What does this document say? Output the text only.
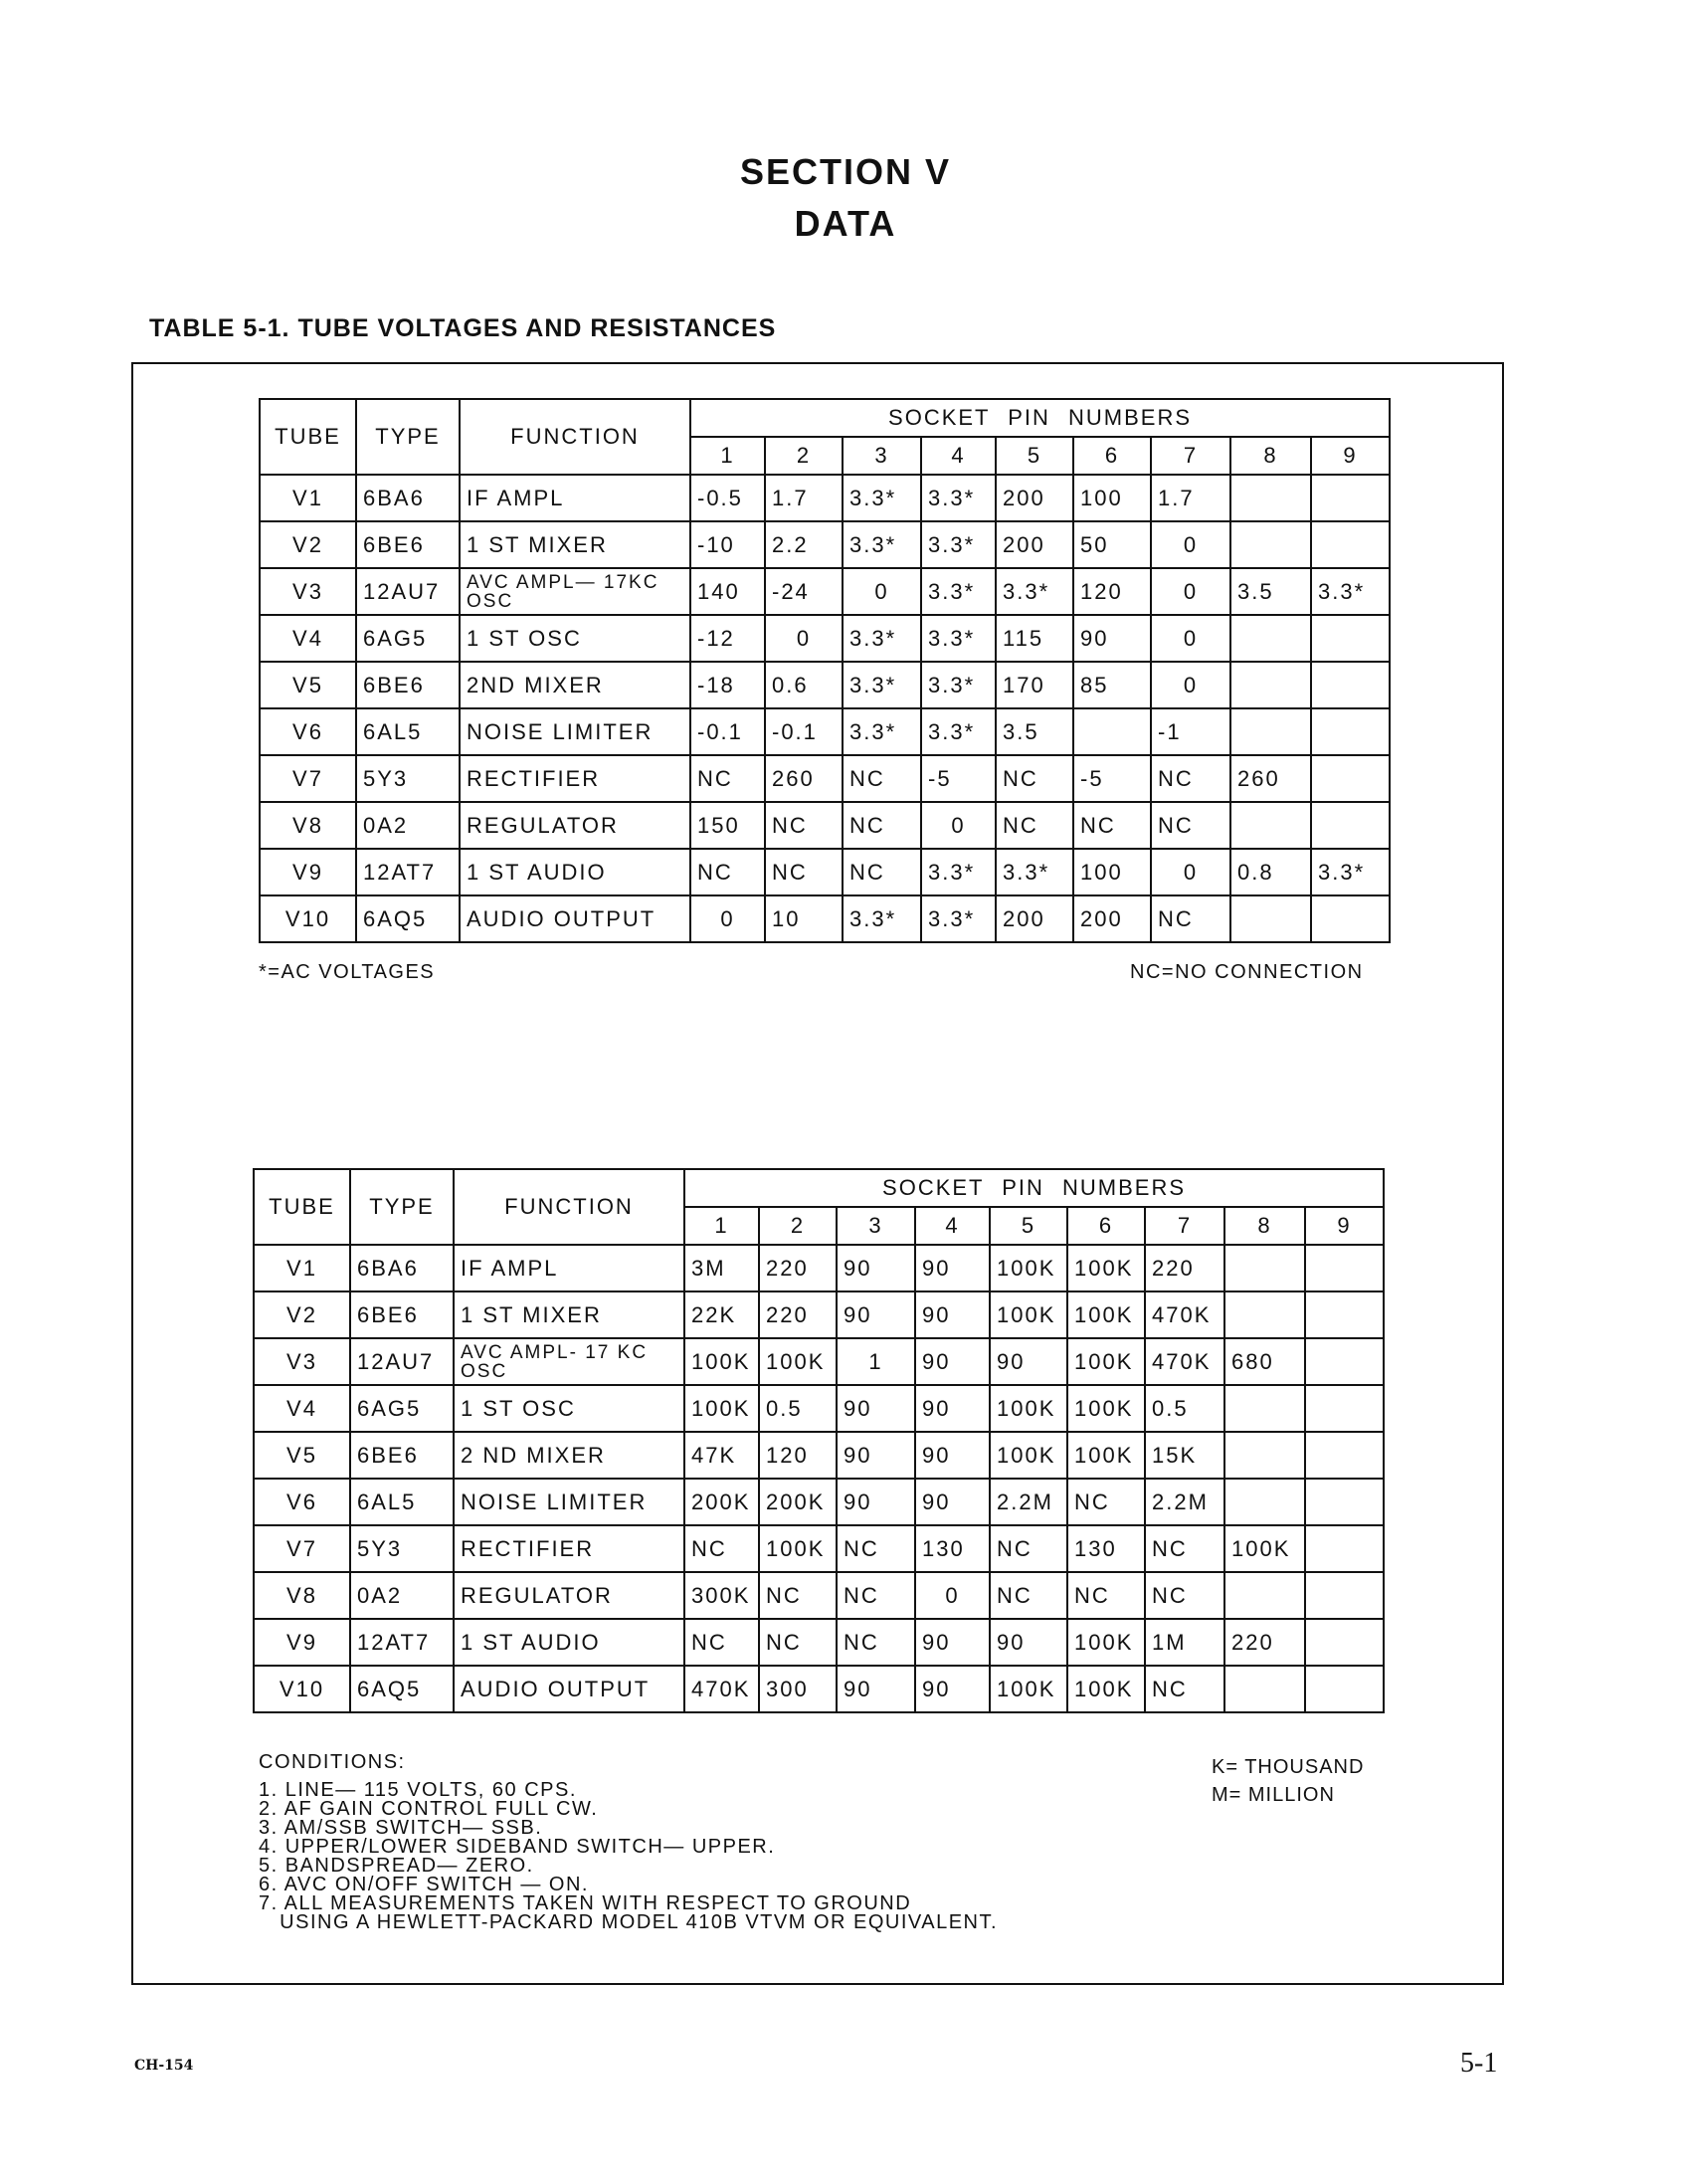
SECTION V
DATA
TABLE 5-1. TUBE VOLTAGES AND RESISTANCES
TUBE	TYPE	FUNCTION	SOCKET PIN NUMBERS								
			1	2	3	4	5	6	7	8	9
V1	6BA6	IF AMPL	-0.5	1.7	3.3*	3.3*	200	100	1.7		
V2	6BE6	1 ST MIXER	-10	2.2	3.3*	3.3*	200	50	0		
V3	12AU7	AVC AMPL— 17KC OSC	140	-24	0	3.3*	3.3*	120	0	3.5	3.3*
V4	6AG5	1 ST OSC	-12	0	3.3*	3.3*	115	90	0		
V5	6BE6	2ND MIXER	-18	0.6	3.3*	3.3*	170	85	0		
V6	6AL5	NOISE LIMITER	-0.1	-0.1	3.3*	3.3*	3.5		-1		
V7	5Y3	RECTIFIER	NC	260	NC	-5	NC	-5	NC	260	
V8	0A2	REGULATOR	150	NC	NC	0	NC	NC	NC		
V9	12AT7	1 ST AUDIO	NC	NC	NC	3.3*	3.3*	100	0	0.8	3.3*
V10	6AQ5	AUDIO OUTPUT	0	10	3.3*	3.3*	200	200	NC		
*=AC VOLTAGES	NC=NO CONNECTION
TUBE	TYPE	FUNCTION	SOCKET PIN NUMBERS								
			1	2	3	4	5	6	7	8	9
V1	6BA6	IF AMPL	3M	220	90	90	100K	100K	220		
V2	6BE6	1 ST MIXER	22K	220	90	90	100K	100K	470K		
V3	12AU7	AVC AMPL- 17 KC OSC	100K	100K	1	90	90	100K	470K	680	
V4	6AG5	1 ST OSC	100K	0.5	90	90	100K	100K	0.5		
V5	6BE6	2 ND MIXER	47K	120	90	90	100K	100K	15K		
V6	6AL5	NOISE LIMITER	200K	200K	90	90	2.2M	NC	2.2M		
V7	5Y3	RECTIFIER	NC	100K	NC	130	NC	130	NC	100K	
V8	0A2	REGULATOR	300K	NC	NC	0	NC	NC	NC		
V9	12AT7	1 ST AUDIO	NC	NC	NC	90	90	100K	1M	220	
V10	6AQ5	AUDIO OUTPUT	470K	300	90	90	100K	100K	NC		
CONDITIONS:
1. LINE— 115 VOLTS, 60 CPS.
2. AF GAIN CONTROL FULL CW.
3. AM/SSB SWITCH— SSB.
4. UPPER/LOWER SIDEBAND SWITCH— UPPER.
5. BANDSPREAD— ZERO.
6. AVC ON/OFF SWITCH — ON.
7. ALL MEASUREMENTS TAKEN WITH RESPECT TO GROUND
USING A HEWLETT-PACKARD MODEL 410B VTVM OR EQUIVALENT.
K= THOUSAND
M= MILLION
CH-154	5-1
